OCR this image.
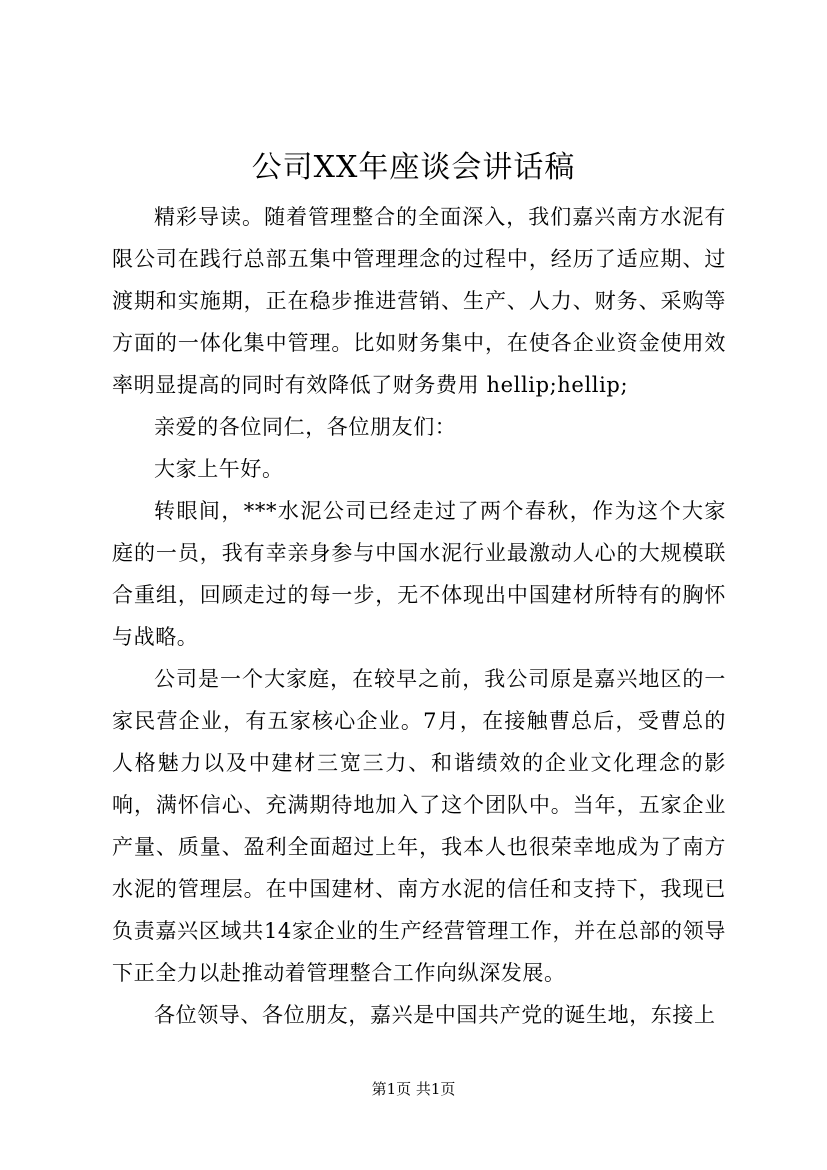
公司XX年座谈会讲话稿

精彩导读。随着管理整合的全面深入，我们嘉兴南方水泥有限公司在践行总部五集中管理理念的过程中，经历了适应期、过渡期和实施期，正在稳步推进营销、生产、人力、财务、采购等方面的一体化集中管理。比如财务集中，在使各企业资金使用效率明显提高的同时有效降低了财务费用 hellip;hellip;

亲爱的各位同仁，各位朋友们：

大家上午好。

转眼间，***水泥公司已经走过了两个春秋，作为这个大家庭的一员，我有幸亲身参与中国水泥行业最激动人心的大规模联合重组，回顾走过的每一步，无不体现出中国建材所特有的胸怀与战略。

公司是一个大家庭，在较早之前，我公司原是嘉兴地区的一家民营企业，有五家核心企业。7月，在接触曹总后，受曹总的人格魅力以及中建材三宽三力、和谐绩效的企业文化理念的影响，满怀信心、充满期待地加入了这个团队中。当年，五家企业产量、质量、盈利全面超过上年，我本人也很荣幸地成为了南方水泥的管理层。在中国建材、南方水泥的信任和支持下，我现已负责嘉兴区域共14家企业的生产经营管理工作，并在总部的领导下正全力以赴推动着管理整合工作向纵深发展。

各位领导、各位朋友，嘉兴是中国共产党的诞生地，东接上

第1页 共1页
